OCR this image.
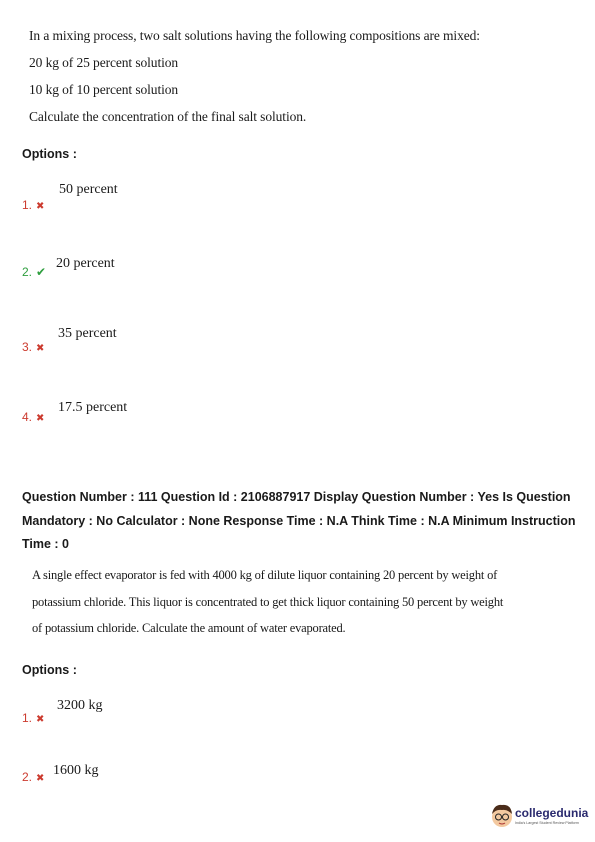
In a mixing process, two salt solutions having the following compositions are mixed:
20 kg of 25 percent solution
10 kg of 10 percent solution
Calculate the concentration of the final salt solution.
Options :
50 percent
1. ✖
20 percent
2. ✔
35 percent
3. ✖
17.5 percent
4. ✖
Question Number : 111 Question Id : 2106887917 Display Question Number : Yes Is Question Mandatory : No Calculator : None Response Time : N.A Think Time : N.A Minimum Instruction Time : 0
A single effect evaporator is fed with 4000 kg of dilute liquor containing 20 percent by weight of
potassium chloride. This liquor is concentrated to get thick liquor containing 50 percent by weight
of potassium chloride. Calculate the amount of water evaporated.
Options :
3200 kg
1. ✖
1600 kg
2. ✖
collegedunia
India's Largest Student Review Platform
